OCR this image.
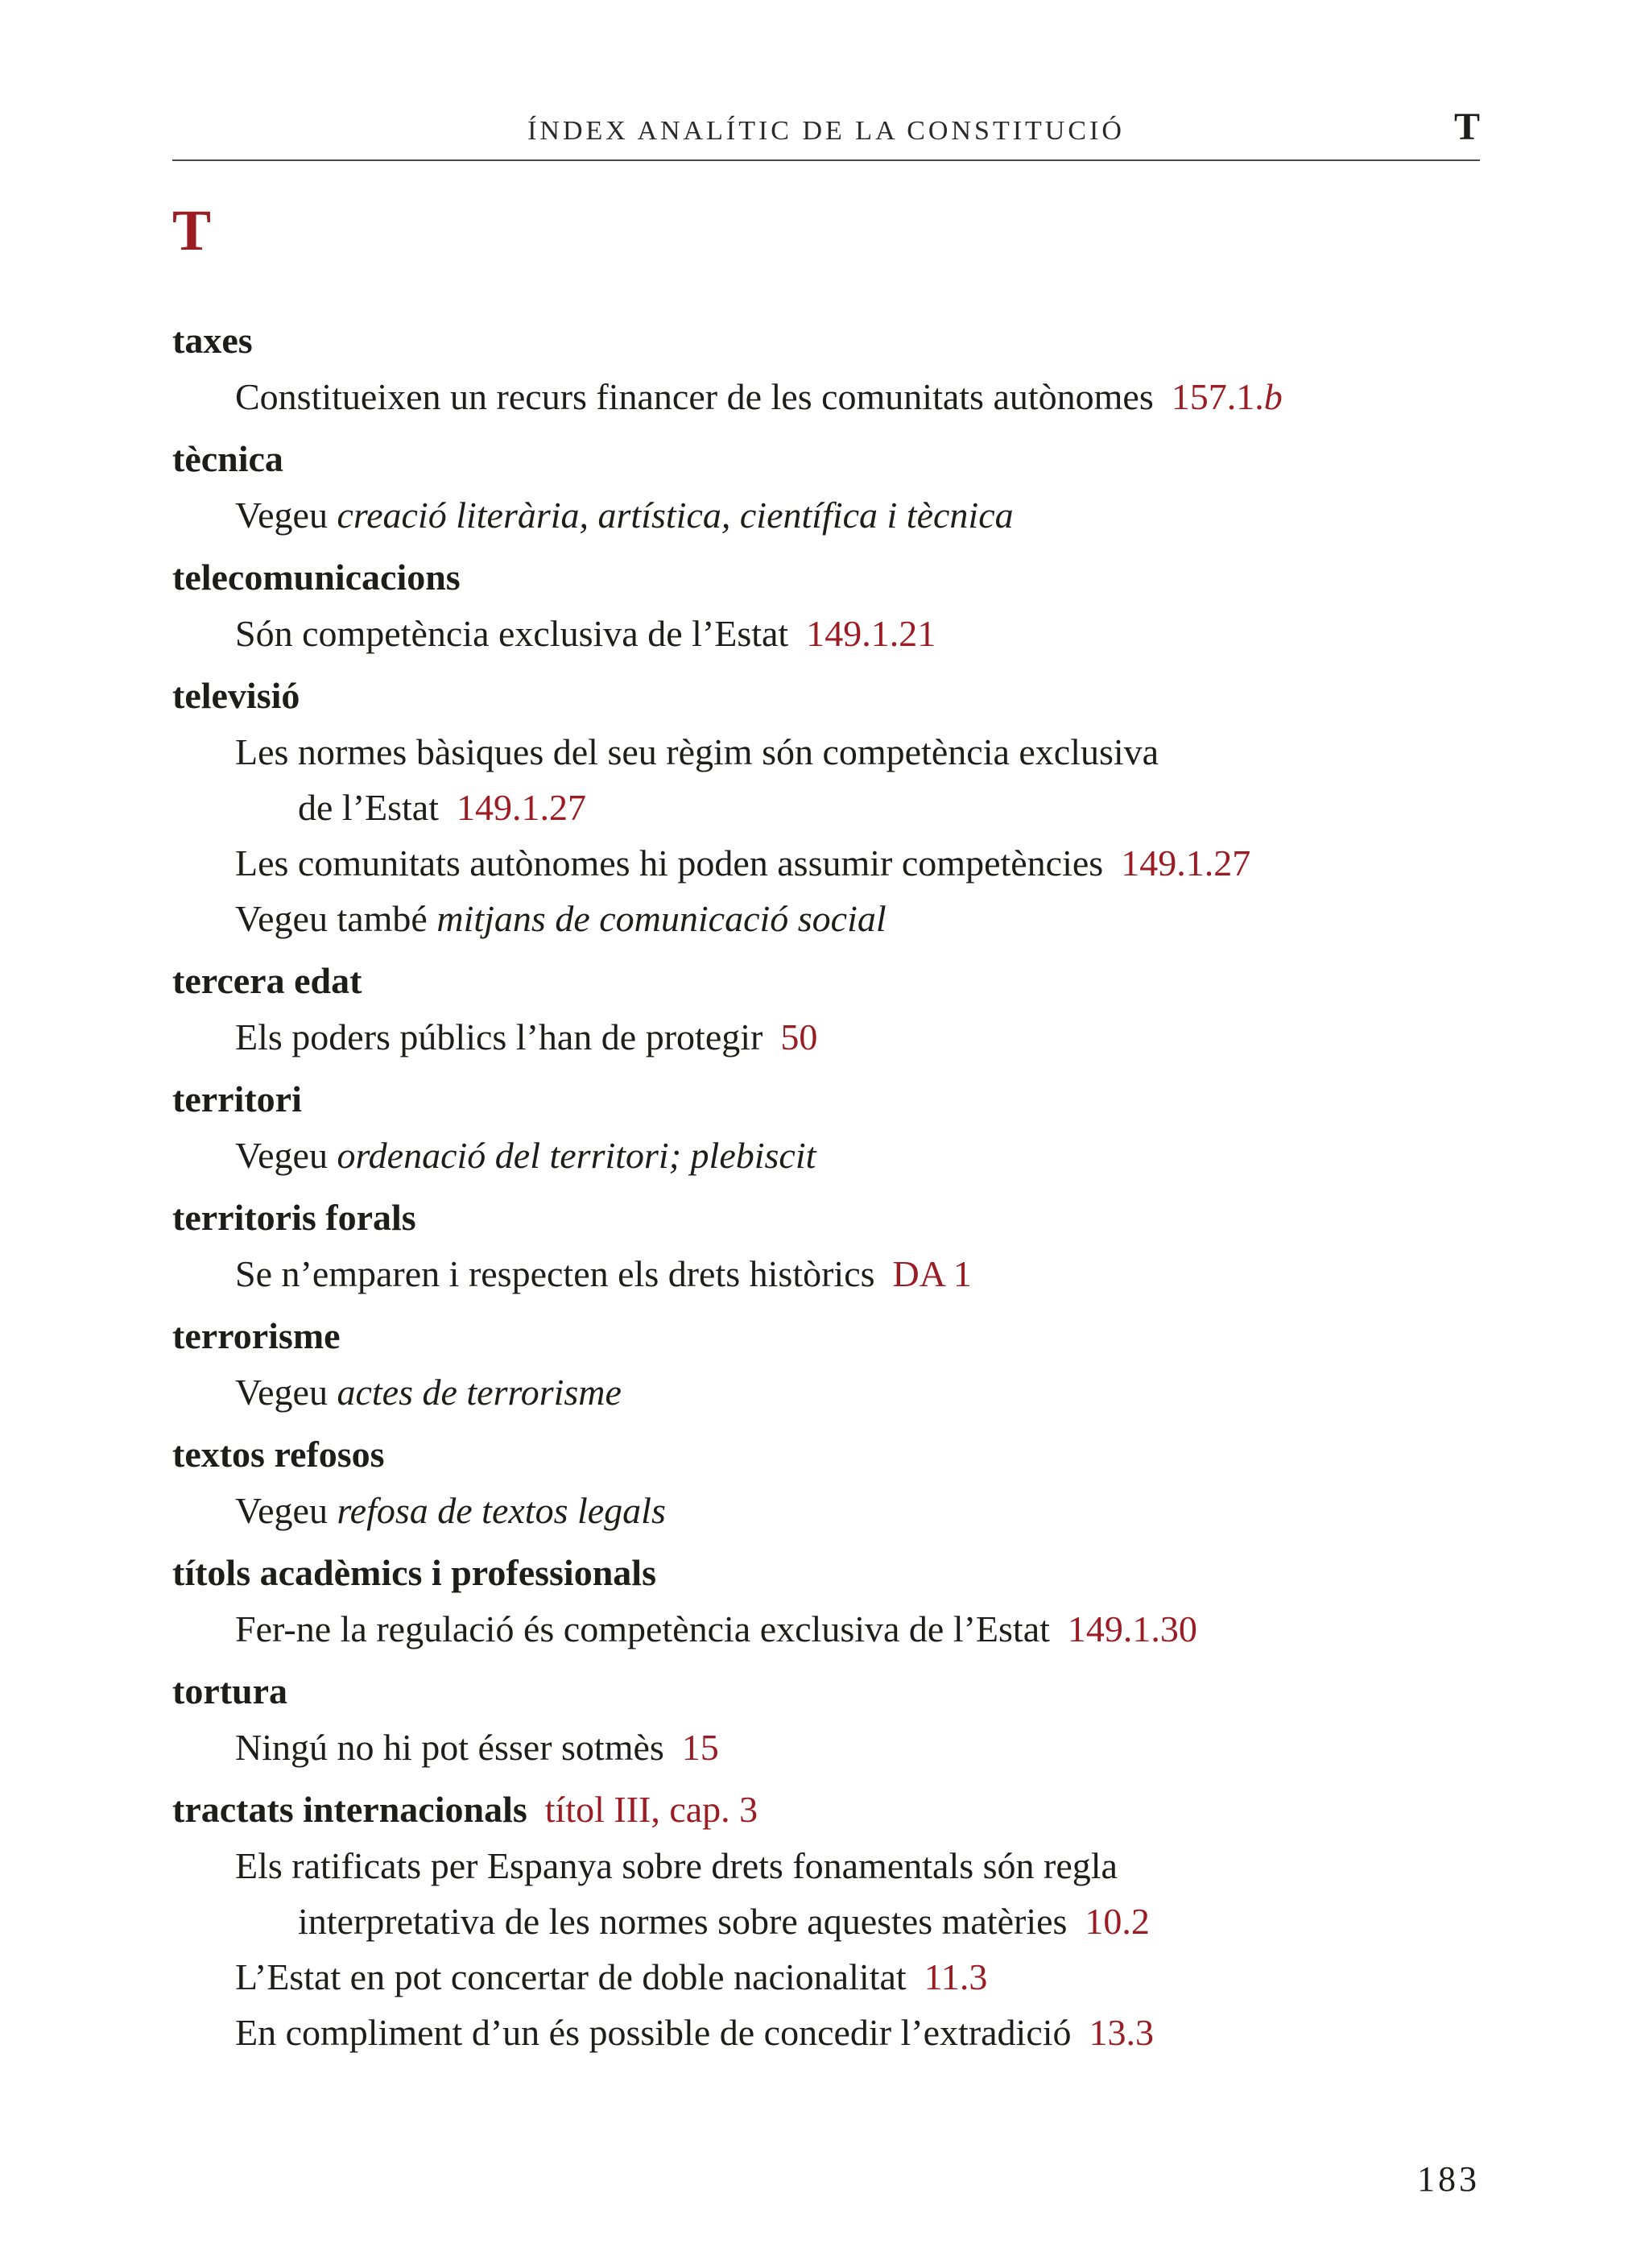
ÍNDEX ANALÍTIC DE LA CONSTITUCIÓ	T
T
taxes
Constitueixen un recurs financer de les comunitats autònomes 157.1.b
tècnica
Vegeu creació literària, artística, científica i tècnica
telecomunicacions
Són competència exclusiva de l’Estat 149.1.21
televisió
Les normes bàsiques del seu règim són competència exclusiva
de l’Estat 149.1.27
Les comunitats autònomes hi poden assumir competències 149.1.27
Vegeu també mitjans de comunicació social
tercera edat
Els poders públics l’han de protegir 50
territori
Vegeu ordenació del territori; plebiscit
territoris forals
Se n’emparen i respecten els drets històrics DA 1
terrorisme
Vegeu actes de terrorisme
textos refosos
Vegeu refosa de textos legals
títols acadèmics i professionals
Fer-ne la regulació és competència exclusiva de l’Estat 149.1.30
tortura
Ningú no hi pot ésser sotmès 15
tractats internacionals títol III, cap. 3
Els ratificats per Espanya sobre drets fonamentals són regla
interpretativa de les normes sobre aquestes matèries 10.2
L’Estat en pot concertar de doble nacionalitat 11.3
En compliment d’un és possible de concedir l’extradició 13.3
183
